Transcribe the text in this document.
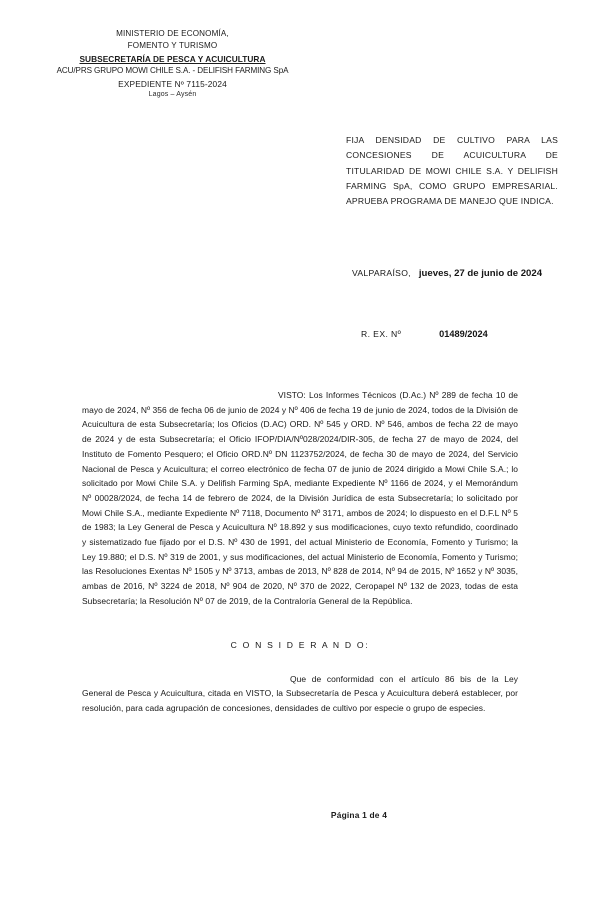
MINISTERIO DE ECONOMÍA,
FOMENTO Y TURISMO
SUBSECRETARÍA DE PESCA Y ACUICULTURA
ACU/PRS GRUPO MOWI CHILE S.A. - DELIFISH FARMING SpA
EXPEDIENTE Nº 7115-2024
Lagos – Aysén
FIJA DENSIDAD DE CULTIVO PARA LAS CONCESIONES DE ACUICULTURA DE TITULARIDAD DE MOWI CHILE S.A. Y DELIFISH FARMING SpA, COMO GRUPO EMPRESARIAL. APRUEBA PROGRAMA DE MANEJO QUE INDICA.
VALPARAÍSO, jueves, 27 de junio de 2024
R. EX. Nº	01489/2024

VISTO: Los Informes Técnicos (D.Ac.) Nº 289 de fecha 10 de mayo de 2024, Nº 356 de fecha 06 de junio de 2024 y Nº 406 de fecha 19 de junio de 2024, todos de la División de Acuicultura de esta Subsecretaría; los Oficios (D.AC) ORD. Nº 545 y ORD. Nº 546, ambos de fecha 22 de mayo de 2024 y de esta Subsecretaría; el Oficio IFOP/DIA/Nº028/2024/DIR-305, de fecha 27 de mayo de 2024, del Instituto de Fomento Pesquero; el Oficio ORD.Nº DN 1123752/2024, de fecha 30 de mayo de 2024, del Servicio Nacional de Pesca y Acuicultura; el correo electrónico de fecha 07 de junio de 2024 dirigido a Mowi Chile S.A.; lo solicitado por Mowi Chile S.A. y Delifish Farming SpA, mediante Expediente Nº 1166 de 2024, y el Memorándum Nº 00028/2024, de fecha 14 de febrero de 2024, de la División Jurídica de esta Subsecretaría; lo solicitado por Mowi Chile S.A., mediante Expediente Nº 7118, Documento Nº 3171, ambos de 2024; lo dispuesto en el D.F.L Nº 5 de 1983; la Ley General de Pesca y Acuicultura Nº 18.892 y sus modificaciones, cuyo texto refundido, coordinado y sistematizado fue fijado por el D.S. Nº 430 de 1991, del actual Ministerio de Economía, Fomento y Turismo; la Ley 19.880; el D.S. Nº 319 de 2001, y sus modificaciones, del actual Ministerio de Economía, Fomento y Turismo; las Resoluciones Exentas Nº 1505 y Nº 3713, ambas de 2013, Nº 828 de 2014, Nº 94 de 2015, Nº 1652 y Nº 3035, ambas de 2016, Nº 3224 de 2018, Nº 904 de 2020, Nº 370 de 2022, Ceropapel Nº 132 de 2023, todas de esta Subsecretaría; la Resolución Nº 07 de 2019, de la Contraloría General de la República.

C O N S I D E R A N D O:

Que de conformidad con el artículo 86 bis de la Ley General de Pesca y Acuicultura, citada en VISTO, la Subsecretaría de Pesca y Acuicultura deberá establecer, por resolución, para cada agrupación de concesiones, densidades de cultivo por especie o grupo de especies.

Página 1 de 4
